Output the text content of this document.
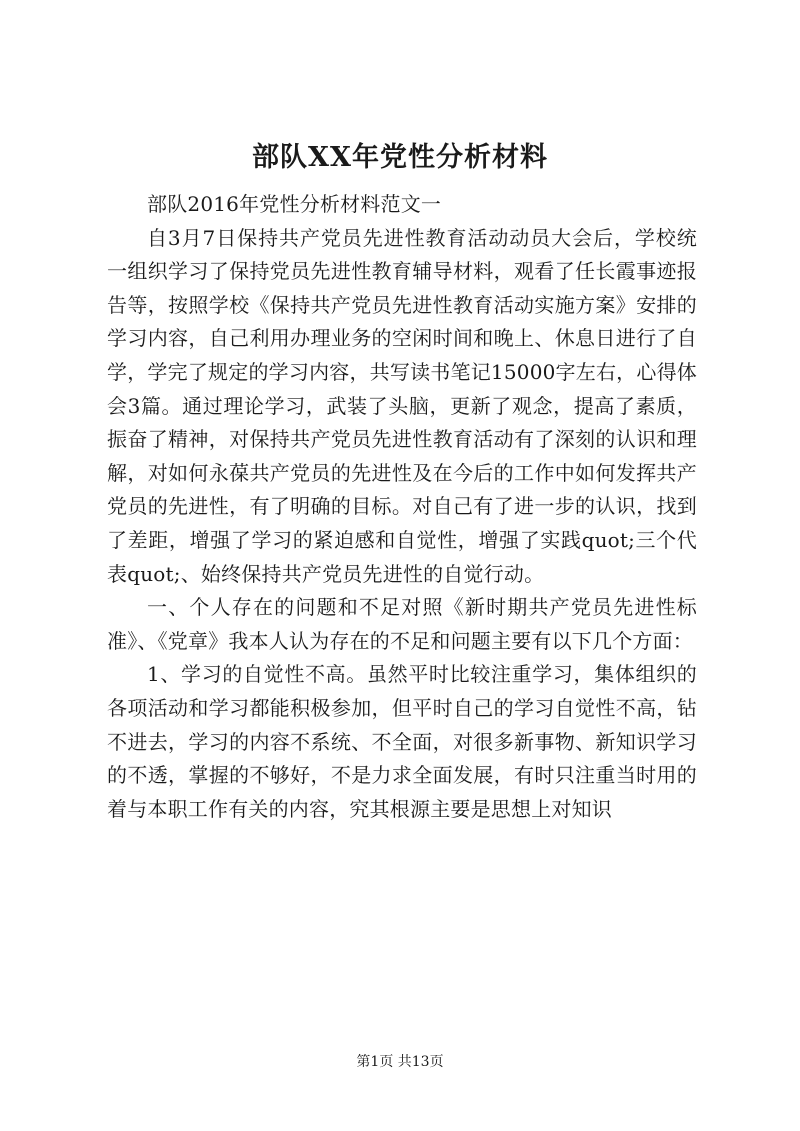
部队XX年党性分析材料

部队2016年党性分析材料范文一

自3月7日保持共产党员先进性教育活动动员大会后，学校统一组织学习了保持党员先进性教育辅导材料，观看了任长霞事迹报告等，按照学校《保持共产党员先进性教育活动实施方案》安排的学习内容，自己利用办理业务的空闲时间和晚上、休息日进行了自学，学完了规定的学习内容，共写读书笔记15000字左右，心得体会3篇。通过理论学习，武装了头脑，更新了观念，提高了素质，振奋了精神，对保持共产党员先进性教育活动有了深刻的认识和理解，对如何永葆共产党员的先进性及在今后的工作中如何发挥共产党员的先进性，有了明确的目标。对自己有了进一步的认识，找到了差距，增强了学习的紧迫感和自觉性，增强了实践quot;三个代表quot;、始终保持共产党员先进性的自觉行动。

一、个人存在的问题和不足对照《新时期共产党员先进性标准》、《党章》我本人认为存在的不足和问题主要有以下几个方面：

1、学习的自觉性不高。虽然平时比较注重学习，集体组织的各项活动和学习都能积极参加，但平时自己的学习自觉性不高，钻不进去，学习的内容不系统、不全面，对很多新事物、新知识学习的不透，掌握的不够好，不是力求全面发展，有时只注重当时用的着与本职工作有关的内容，究其根源主要是思想上对知识

第1页 共13页
